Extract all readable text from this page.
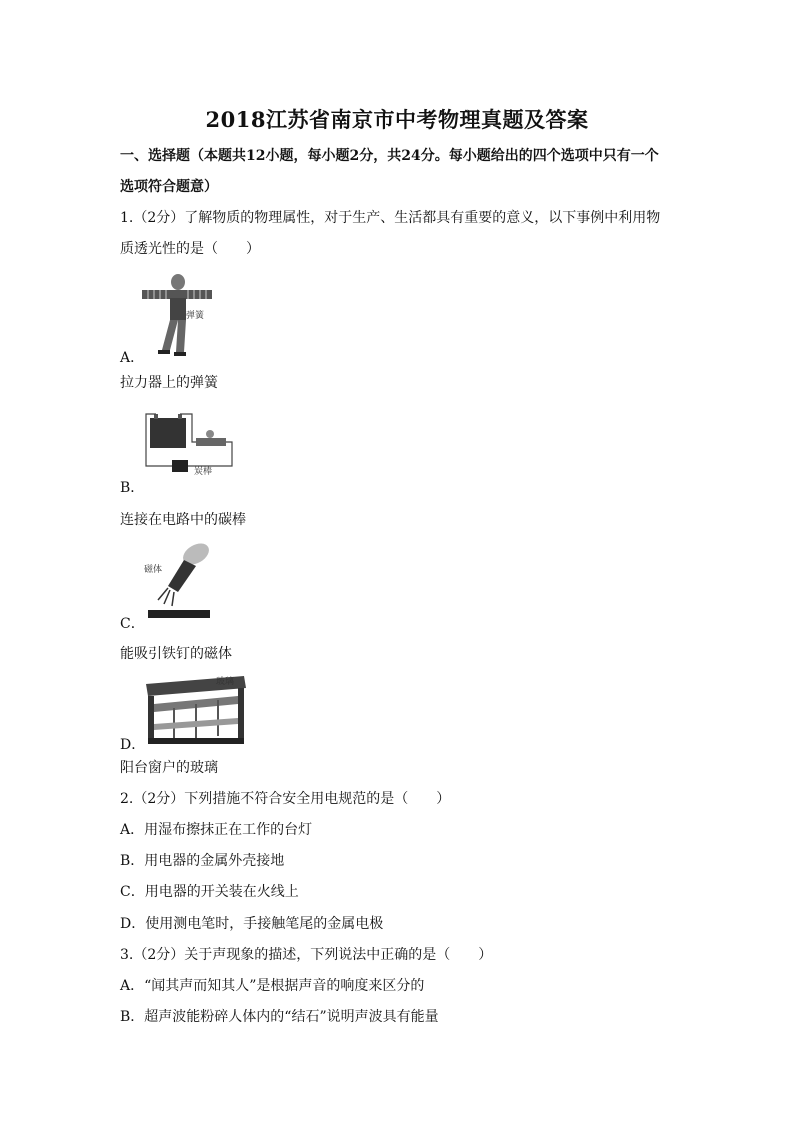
2018江苏省南京市中考物理真题及答案
一、选择题（本题共12小题，每小题2分，共24分。每小题给出的四个选项中只有一个
选项符合题意）
1.（2分）了解物质的物理属性，对于生产、生活都具有重要的意义，以下事例中利用物
质透光性的是（　　）
弹簧
A．
拉力器上的弹簧
炭棒
B．
连接在电路中的碳棒
磁体
C．
能吸引铁钉的磁体
玻璃
D．
阳台窗户的玻璃
2.（2分）下列措施不符合安全用电规范的是（　　）
A．用湿布擦抹正在工作的台灯
B．用电器的金属外壳接地
C．用电器的开关装在火线上
D．使用测电笔时，手接触笔尾的金属电极
3.（2分）关于声现象的描述，下列说法中正确的是（　　）
A．“闻其声而知其人”是根据声音的响度来区分的
B．超声波能粉碎人体内的“结石”说明声波具有能量
